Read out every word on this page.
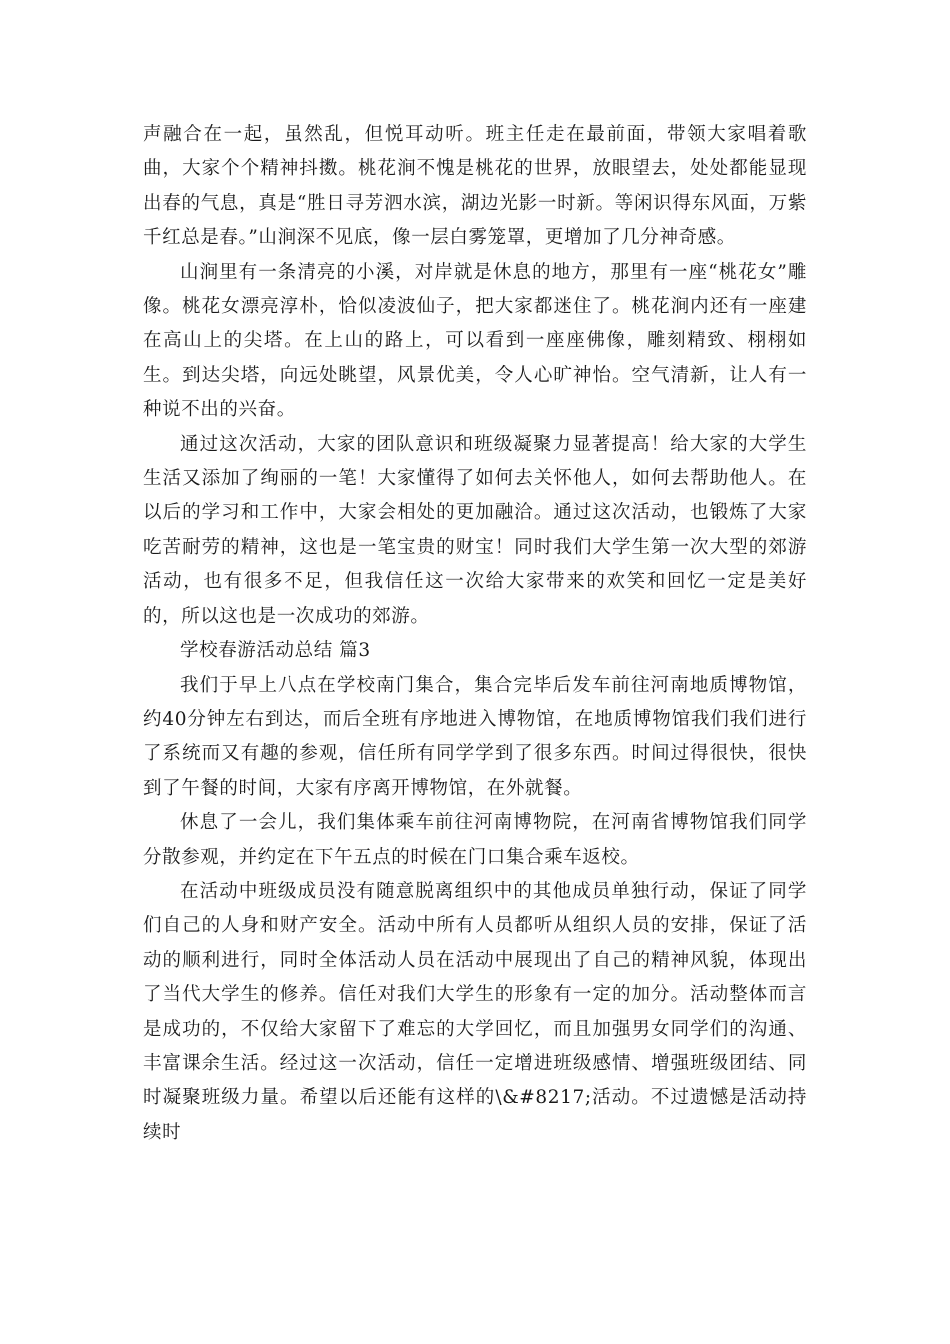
声融合在一起，虽然乱，但悦耳动听。班主任走在最前面，带领大家唱着歌曲，大家个个精神抖擞。桃花涧不愧是桃花的世界，放眼望去，处处都能显现出春的气息，真是“胜日寻芳泗水滨，湖边光影一时新。等闲识得东风面，万紫千红总是春。”山涧深不见底，像一层白雾笼罩，更增加了几分神奇感。

山涧里有一条清亮的小溪，对岸就是休息的地方，那里有一座“桃花女”雕像。桃花女漂亮淳朴，恰似凌波仙子，把大家都迷住了。桃花涧内还有一座建在高山上的尖塔。在上山的路上，可以看到一座座佛像，雕刻精致、栩栩如生。到达尖塔，向远处眺望，风景优美，令人心旷神怡。空气清新，让人有一种说不出的兴奋。

通过这次活动，大家的团队意识和班级凝聚力显著提高！给大家的大学生生活又添加了绚丽的一笔！大家懂得了如何去关怀他人，如何去帮助他人。在以后的学习和工作中，大家会相处的更加融洽。通过这次活动，也锻炼了大家吃苦耐劳的精神，这也是一笔宝贵的财宝！同时我们大学生第一次大型的郊游活动，也有很多不足，但我信任这一次给大家带来的欢笑和回忆一定是美好的，所以这也是一次成功的郊游。

学校春游活动总结 篇3

我们于早上八点在学校南门集合，集合完毕后发车前往河南地质博物馆，约40分钟左右到达，而后全班有序地进入博物馆，在地质博物馆我们我们进行了系统而又有趣的参观，信任所有同学学到了很多东西。时间过得很快，很快到了午餐的时间，大家有序离开博物馆，在外就餐。

休息了一会儿，我们集体乘车前往河南博物院，在河南省博物馆我们同学分散参观，并约定在下午五点的时候在门口集合乘车返校。

在活动中班级成员没有随意脱离组织中的其他成员单独行动，保证了同学们自己的人身和财产安全。活动中所有人员都听从组织人员的安排，保证了活动的顺利进行，同时全体活动人员在活动中展现出了自己的精神风貌，体现出了当代大学生的修养。信任对我们大学生的形象有一定的加分。活动整体而言是成功的，不仅给大家留下了难忘的大学回忆，而且加强男女同学们的沟通、丰富课余生活。经过这一次活动，信任一定增进班级感情、增强班级团结、同时凝聚班级力量。希望以后还能有这样的\&#8217;活动。不过遗憾是活动持续时
